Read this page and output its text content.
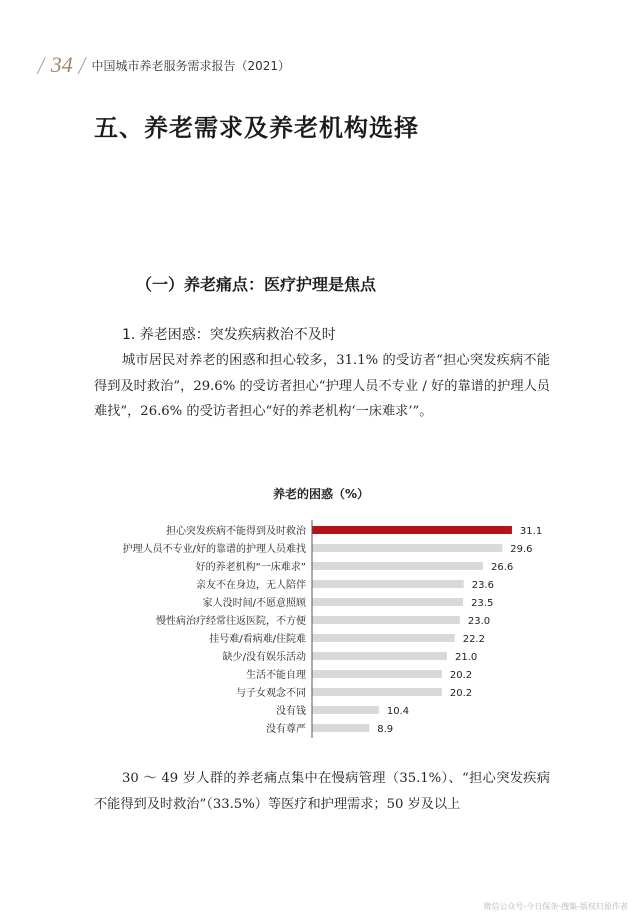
/ 34 / 中国城市养老服务需求报告（2021）
五、养老需求及养老机构选择
（一）养老痛点：医疗护理是焦点
1. 养老困惑：突发疾病救治不及时

城市居民对养老的困惑和担心较多，31.1% 的受访者“担心突发疾病不能得到及时救治”，29.6% 的受访者担心“护理人员不专业 / 好的靠谱的护理人员难找”，26.6% 的受访者担心“好的养老机构‘一床难求’”。

养老的困惑（%）
担心突发疾病不能得到及时救治	31.1
护理人员不专业/好的靠谱的护理人员难找	29.6
好的养老机构“一床难求”	26.6
亲友不在身边，无人陪伴	23.6
家人没时间/不愿意照顾	23.5
慢性病治疗经常往返医院，不方便	23.0
挂号难/看病难/住院难	22.2
缺少/没有娱乐活动	21.0
生活不能自理	20.2
与子女观念不同	20.2
没有钱	10.4
没有尊严	8.9

30 ～ 49 岁人群的养老痛点集中在慢病管理（35.1%）、“担心突发疾病不能得到及时救治”（33.5%）等医疗和护理需求；50 岁及以上

微信公众号-今日保条-搜集-版权归原作者
